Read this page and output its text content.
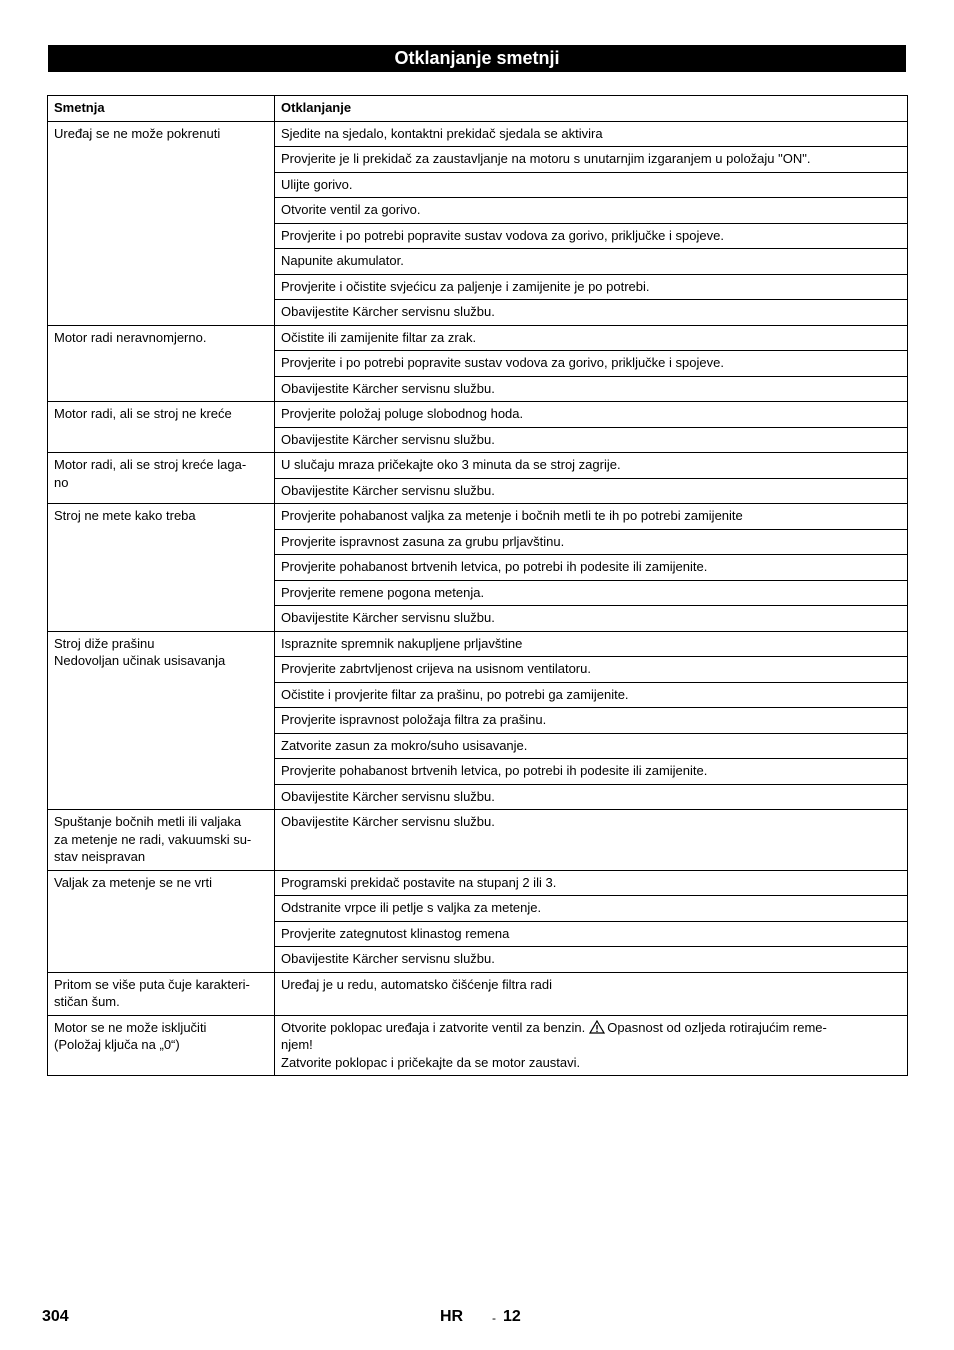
Otklanjanje smetnji
Smetnja	Otklanjanje
Uređaj se ne može pokrenuti	Sjedite na sjedalo, kontaktni prekidač sjedala se aktivira
	Provjerite je li prekidač za zaustavljanje na motoru s unutarnjim izgaranjem u položaju "ON".
	Ulijte gorivo.
	Otvorite ventil za gorivo.
	Provjerite i po potrebi popravite sustav vodova za gorivo, priključke i spojeve.
	Napunite akumulator.
	Provjerite i očistite svjećicu za paljenje i zamijenite je po potrebi.
	Obavijestite Kärcher servisnu službu.
Motor radi neravnomjerno.	Očistite ili zamijenite filtar za zrak.
	Provjerite i po potrebi popravite sustav vodova za gorivo, priključke i spojeve.
	Obavijestite Kärcher servisnu službu.
Motor radi, ali se stroj ne kreće	Provjerite položaj poluge slobodnog hoda.
	Obavijestite Kärcher servisnu službu.
Motor radi, ali se stroj kreće laga-
no	U slučaju mraza pričekajte oko 3 minuta da se stroj zagrije.
	Obavijestite Kärcher servisnu službu.
Stroj ne mete kako treba	Provjerite pohabanost valjka za metenje i bočnih metli te ih po potrebi zamijenite
	Provjerite ispravnost zasuna za grubu prljavštinu.
	Provjerite pohabanost brtvenih letvica, po potrebi ih podesite ili zamijenite.
	Provjerite remene pogona metenja.
	Obavijestite Kärcher servisnu službu.
Stroj diže prašinu
Nedovoljan učinak usisavanja	Ispraznite spremnik nakupljene prljavštine
	Provjerite zabrtvljenost crijeva na usisnom ventilatoru.
	Očistite i provjerite filtar za prašinu, po potrebi ga zamijenite.
	Provjerite ispravnost položaja filtra za prašinu.
	Zatvorite zasun za mokro/suho usisavanje.
	Provjerite pohabanost brtvenih letvica, po potrebi ih podesite ili zamijenite.
	Obavijestite Kärcher servisnu službu.
Spuštanje bočnih metli ili valjaka
za metenje ne radi, vakuumski su-
stav neispravan	Obavijestite Kärcher servisnu službu.
Valjak za metenje se ne vrti	Programski prekidač postavite na stupanj 2 ili 3.
	Odstranite vrpce ili petlje s valjka za metenje.
	Provjerite zategnutost klinastog remena
	Obavijestite Kärcher servisnu službu.
Pritom se više puta čuje karakteri-
stičan šum.	Uređaj je u redu, automatsko čišćenje filtra radi
Motor se ne može isključiti
(Položaj ključa na „0“)	Otvorite poklopac uređaja i zatvorite ventil za benzin. Opasnost od ozljeda rotirajućim reme-
njem!
Zatvorite poklopac i pričekajte da se motor zaustavi.
304	HR - 12
